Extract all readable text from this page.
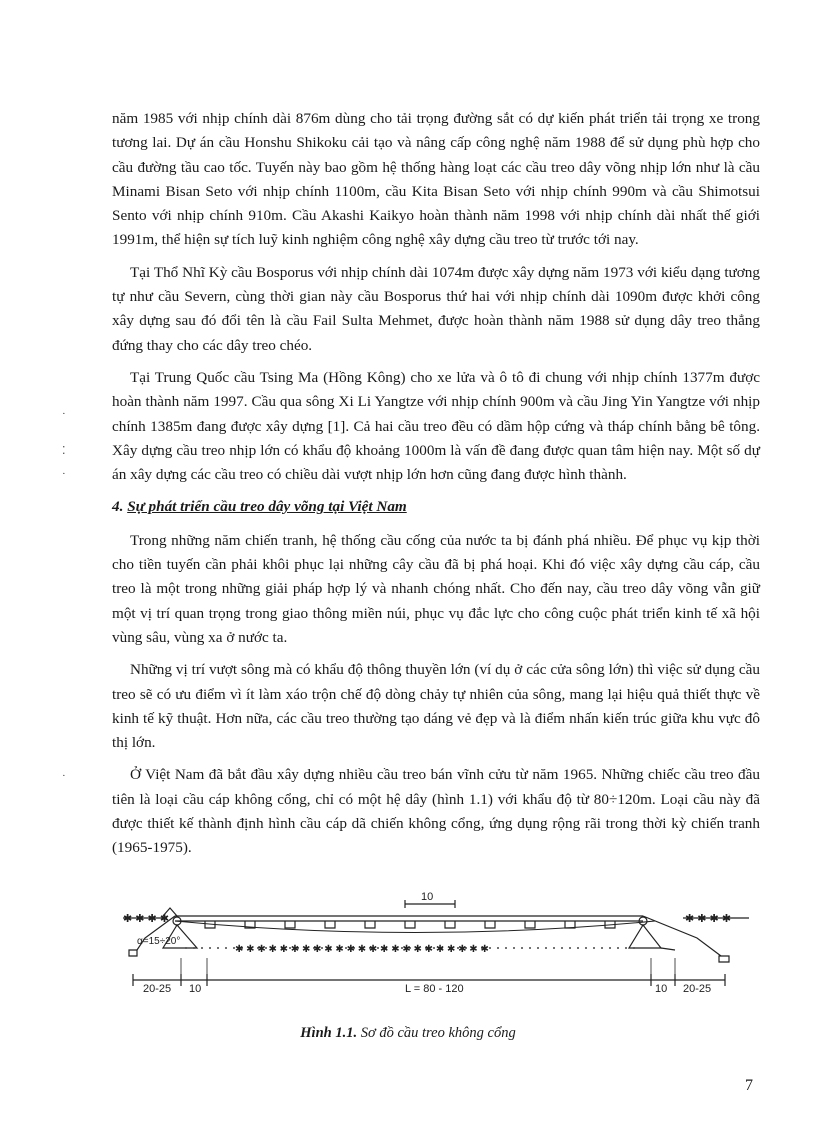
năm 1985 với nhịp chính dài 876m dùng cho tải trọng đường sắt có dự kiến phát triển tải trọng xe trong tương lai. Dự án cầu Honshu Shikoku cải tạo và nâng cấp công nghệ năm 1988 để sử dụng phù hợp cho cầu đường tầu cao tốc. Tuyến này bao gồm hệ thống hàng loạt các cầu treo dây võng nhịp lớn như là cầu Minami Bisan Seto với nhịp chính 1100m, cầu Kita Bisan Seto với nhịp chính 990m và cầu Shimotsui Sento với nhịp chính 910m. Cầu Akashi Kaikyo hoàn thành năm 1998 với nhịp chính dài nhất thế giới 1991m, thể hiện sự tích luỹ kinh nghiệm công nghệ xây dựng cầu treo từ trước tới nay.

Tại Thổ Nhĩ Kỳ cầu Bosporus với nhịp chính dài 1074m được xây dựng năm 1973 với kiểu dạng tương tự như cầu Severn, cùng thời gian này cầu Bosporus thứ hai với nhịp chính dài 1090m được khởi công xây dựng sau đó đổi tên là cầu Fail Sulta Mehmet, được hoàn thành năm 1988 sử dụng dây treo thẳng đứng thay cho các dây treo chéo.

Tại Trung Quốc cầu Tsing Ma (Hồng Kông) cho xe lửa và ô tô đi chung với nhịp chính 1377m được hoàn thành năm 1997. Cầu qua sông Xi Li Yangtze với nhịp chính 900m và cầu Jing Yin Yangtze với nhịp chính 1385m đang được xây dựng [1]. Cả hai cầu treo đều có dầm hộp cứng và tháp chính bằng bê tông. Xây dựng cầu treo nhịp lớn có khẩu độ khoảng 1000m là vấn đề đang được quan tâm hiện nay. Một số dự án xây dựng các cầu treo có chiều dài vượt nhịp lớn hơn cũng đang được hình thành.

4. Sự phát triển cầu treo dây võng tại Việt Nam

Trong những năm chiến tranh, hệ thống cầu cống của nước ta bị đánh phá nhiều. Để phục vụ kịp thời cho tiền tuyến cần phải khôi phục lại những cây cầu đã bị phá hoại. Khi đó việc xây dựng cầu cáp, cầu treo là một trong những giải pháp hợp lý và nhanh chóng nhất. Cho đến nay, cầu treo dây võng vẫn giữ một vị trí quan trọng trong giao thông miền núi, phục vụ đắc lực cho công cuộc phát triển kinh tế xã hội vùng sâu, vùng xa ở nước ta.

Những vị trí vượt sông mà có khẩu độ thông thuyền lớn (ví dụ ở các cửa sông lớn) thì việc sử dụng cầu treo sẽ có ưu điểm vì ít làm xáo trộn chế độ dòng chảy tự nhiên của sông, mang lại hiệu quả thiết thực về kinh tế kỹ thuật. Hơn nữa, các cầu treo thường tạo dáng vẻ đẹp và là điểm nhấn kiến trúc giữa khu vực đô thị lớn.

Ở Việt Nam đã bắt đầu xây dựng nhiều cầu treo bán vĩnh cửu từ năm 1965. Những chiếc cầu treo đầu tiên là loại cầu cáp không cổng, chỉ có một hệ dây (hình 1.1) với khẩu độ từ 80÷120m. Loại cầu này đã được thiết kế thành định hình cầu cáp dã chiến không cổng, ứng dụng rộng rãi trong thời kỳ chiến tranh (1965-1975).

✱ ✱ ✱ ✱	✱ ✱ ✱ ✱
✱ ✱ ✱ ✱ ✱ ✱ ✱ ✱ ✱ ✱ ✱ ✱ ✱ ✱ ✱ ✱ ✱ ✱ ✱ ✱ ✱ ✱ ✱
10
α=15÷20°
20-25 10	L = 80 - 120	10 20-25
Hình 1.1. Sơ đồ cầu treo không cổng
7
·
⁚
·
·
